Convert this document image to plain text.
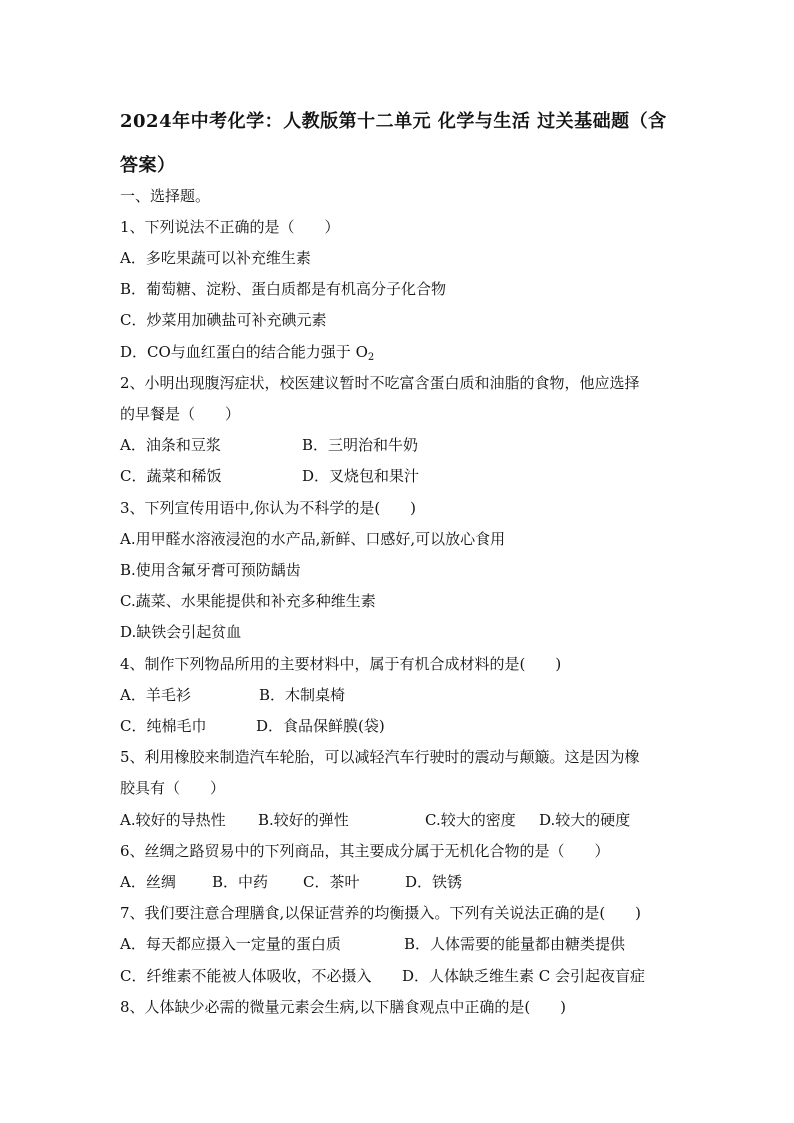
2024年中考化学：人教版第十二单元 化学与生活 过关基础题（含
答案）
一、选择题。
1、下列说法不正确的是（　　）
A．多吃果蔬可以补充维生素
B．葡萄糖、淀粉、蛋白质都是有机高分子化合物
C．炒菜用加碘盐可补充碘元素
D．CO与血红蛋白的结合能力强于 $O_2$
2、小明出现腹泻症状，校医建议暂时不吃富含蛋白质和油脂的食物，他应选择
的早餐是（　　）
A．油条和豆浆	B．三明治和牛奶
C．蔬菜和稀饭	D．叉烧包和果汁
3、下列宣传用语中,你认为不科学的是(　　)
A.用甲醛水溶液浸泡的水产品,新鲜、口感好,可以放心食用
B.使用含氟牙膏可预防龋齿
C.蔬菜、水果能提供和补充多种维生素
D.缺铁会引起贫血
4、制作下列物品所用的主要材料中，属于有机合成材料的是(　　)
A．羊毛衫	B．木制桌椅
C．纯棉毛巾	D．食品保鲜膜(袋)
5、利用橡胶来制造汽车轮胎，可以减轻汽车行驶时的震动与颠簸。这是因为橡
胶具有（　　）
A.较好的导热性 B.较好的弹性	C.较大的密度 D.较大的硬度
6、丝绸之路贸易中的下列商品，其主要成分属于无机化合物的是（　　）
A．丝绸 B．中药 C．茶叶	D．铁锈
7、我们要注意合理膳食,以保证营养的均衡摄入。下列有关说法正确的是(　　)
A．每天都应摄入一定量的蛋白质	B．人体需要的能量都由糖类提供
C．纤维素不能被人体吸收，不必摄入 D．人体缺乏维生素 C 会引起夜盲症
8、人体缺少必需的微量元素会生病,以下膳食观点中正确的是(　　)
